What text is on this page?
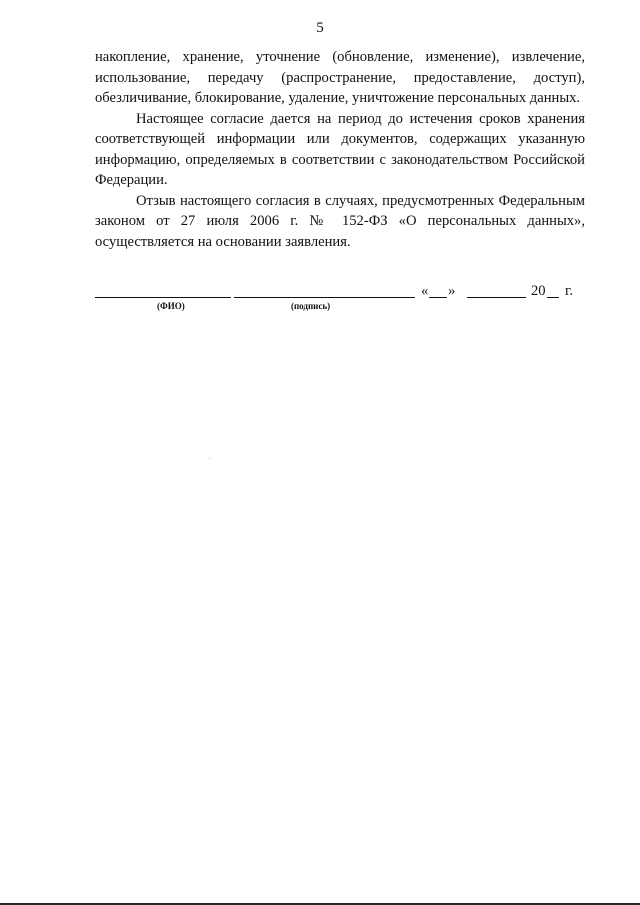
5

накопление, хранение, уточнение (обновление, изменение), извлечение, использование, передачу (распространение, предоставление, доступ), обезличивание, блокирование, удаление, уничтожение персональных данных.

Настоящее согласие дается на период до истечения сроков хранения соответствующей информации или документов, содержащих указанную информацию, определяемых в соответствии с законодательством Российской Федерации.

Отзыв настоящего согласия в случаях, предусмотренных Федеральным законом от 27 июля 2006 г. № 152-ФЗ «О персональных данных», осуществляется на основании заявления.

« »	20 г.
(ФИО)	(подпись)
